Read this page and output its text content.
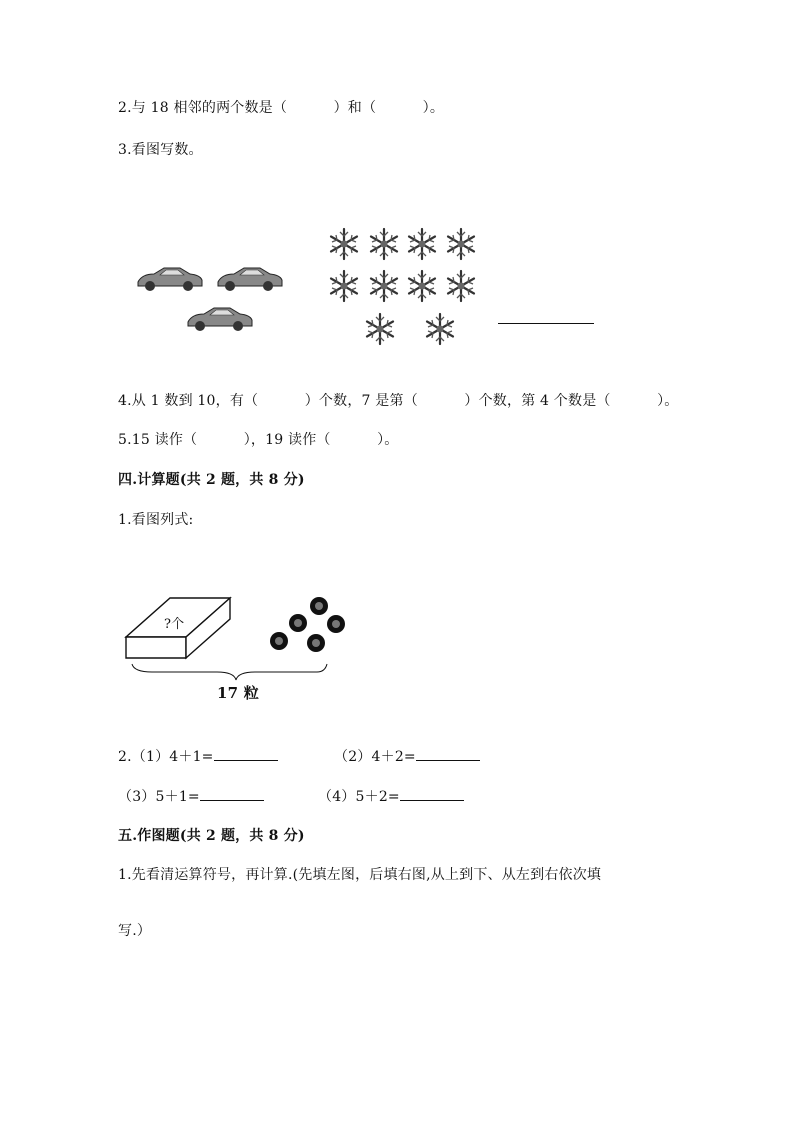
2.与 18 相邻的两个数是（          ）和（          ）。
3.看图写数。
4.从 1 数到 10，有（          ）个数，7 是第（          ）个数，第 4 个数是（          ）。
5.15 读作（          ），19 读作（          ）。
四.计算题(共 2 题，共 8 分)
1.看图列式:
?个
17 粒
2.（1）4＋1=	（2）4＋2=
（3）5＋1=	（4）5＋2=
五.作图题(共 2 题，共 8 分)
1.先看清运算符号，再计算.(先填左图，后填右图,从上到下、从左到右依次填
写.）
